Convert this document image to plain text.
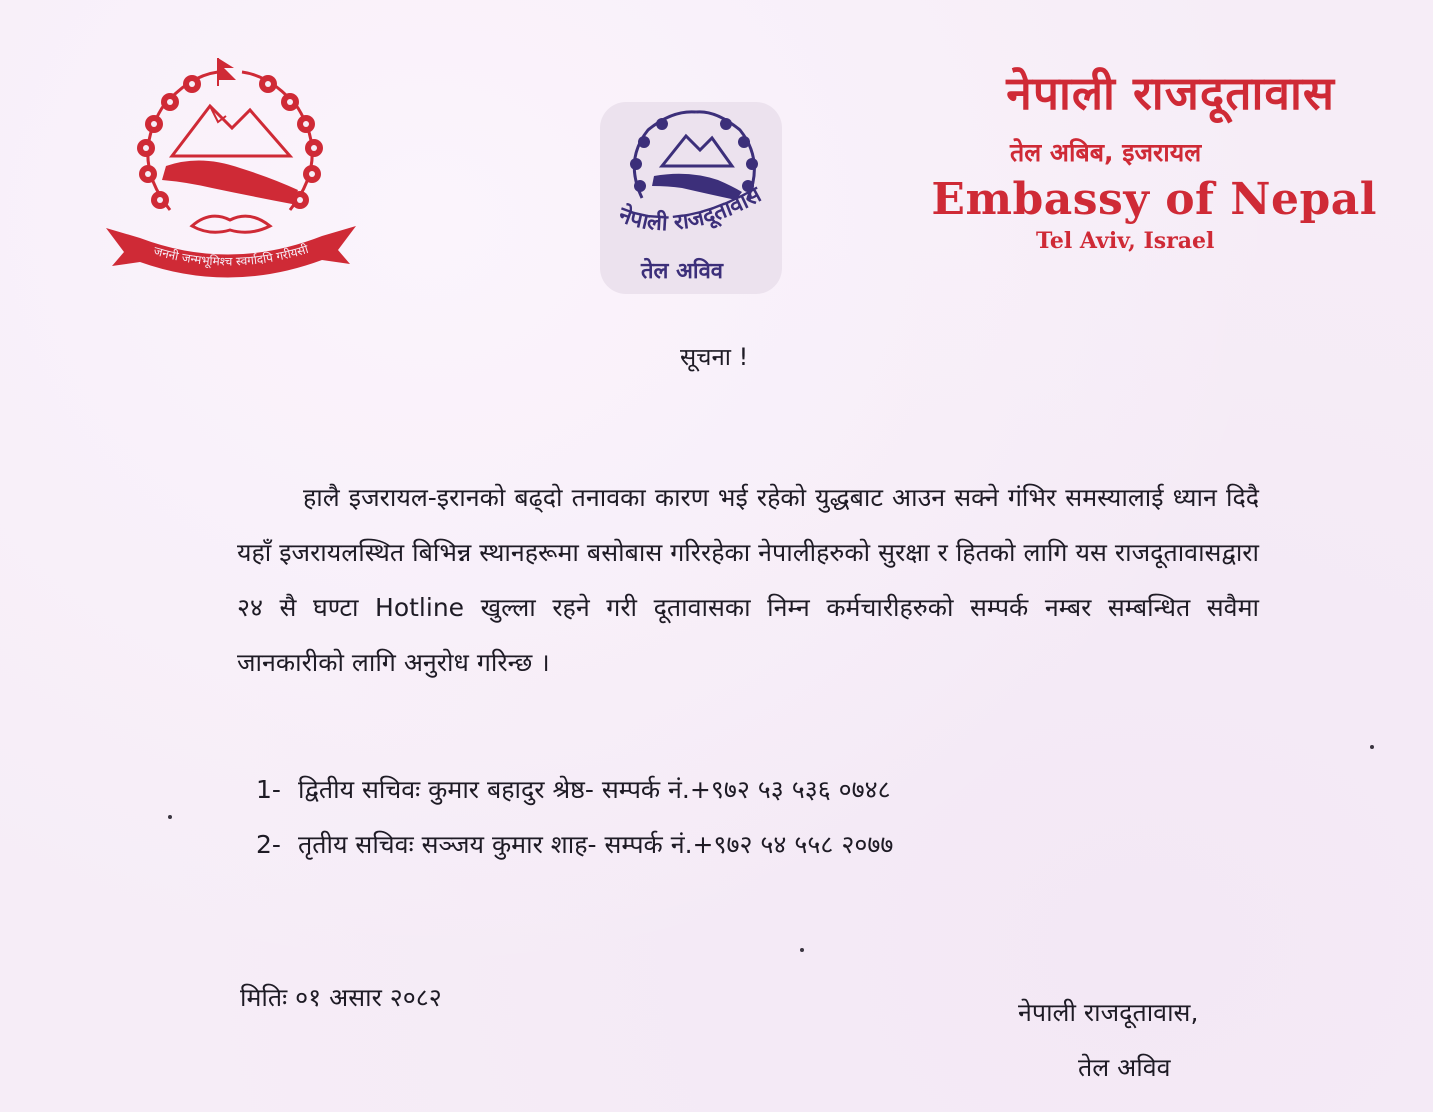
जननी जन्मभूमिश्च स्वर्गादपि गरीयसी
नेपाली राजदूतावास
तेल अविव
नेपाली राजदूतावास
तेल अबिब, इजरायल
Embassy of Nepal
Tel Aviv, Israel
सूचना !

हालै इजरायल-इरानको बढ्दो तनावका कारण भई रहेको युद्धबाट आउन सक्ने गंभिर समस्यालाई ध्यान दिदै यहाँ इजरायलस्थित बिभिन्न स्थानहरूमा बसोबास गरिरहेका नेपालीहरुको सुरक्षा र हितको लागि यस राजदूतावासद्वारा २४ सै घण्टा Hotline खुल्ला रहने गरी दूतावासका निम्न कर्मचारीहरुको सम्पर्क नम्बर सम्बन्धित सवैमा जानकारीको लागि अनुरोध गरिन्छ ।

1- द्वितीय सचिवः कुमार बहादुर श्रेष्ठ- सम्पर्क नं.+९७२ ५३ ५३६ ०७४८
2- तृतीय सचिवः सञ्जय कुमार शाह- सम्पर्क नं.+९७२ ५४ ५५८ २०७७
मितिः ०१ असार २०८२
नेपाली राजदूतावास,
तेल अविव
